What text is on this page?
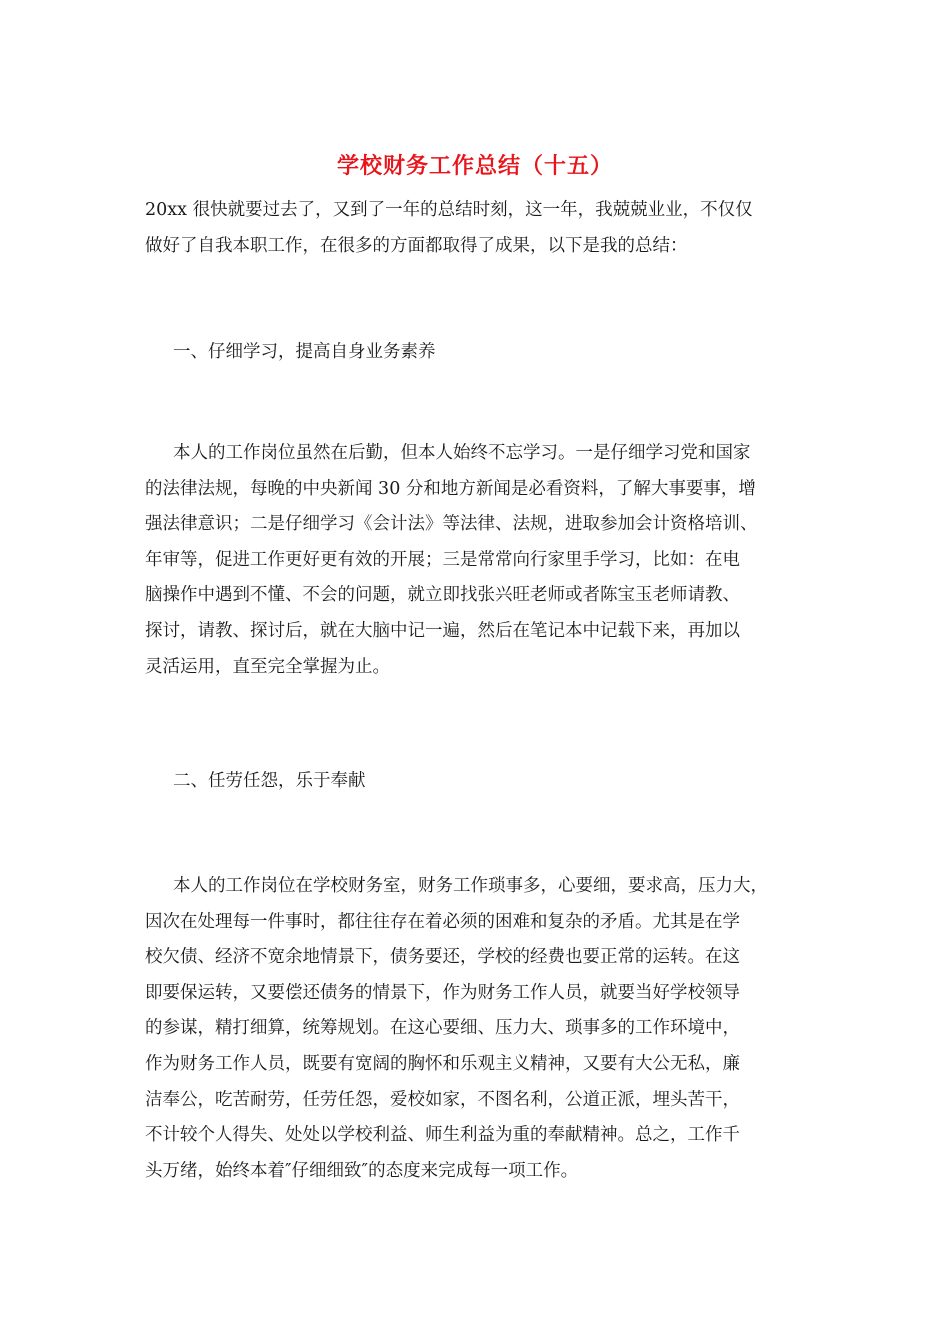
学校财务工作总结（十五）
20xx 很快就要过去了，又到了一年的总结时刻，这一年，我兢兢业业，不仅仅
做好了自我本职工作，在很多的方面都取得了成果，以下是我的总结：
一、仔细学习，提高自身业务素养
本人的工作岗位虽然在后勤，但本人始终不忘学习。一是仔细学习党和国家
的法律法规，每晚的中央新闻 30 分和地方新闻是必看资料，了解大事要事，增
强法律意识；二是仔细学习《会计法》等法律、法规，进取参加会计资格培训、
年审等，促进工作更好更有效的开展；三是常常向行家里手学习，比如：在电
脑操作中遇到不懂、不会的问题，就立即找张兴旺老师或者陈宝玉老师请教、
探讨，请教、探讨后，就在大脑中记一遍，然后在笔记本中记载下来，再加以
灵活运用，直至完全掌握为止。
二、任劳任怨，乐于奉献
本人的工作岗位在学校财务室，财务工作琐事多，心要细，要求高，压力大，
因次在处理每一件事时，都往往存在着必须的困难和复杂的矛盾。尤其是在学
校欠债、经济不宽余地情景下，债务要还，学校的经费也要正常的运转。在这
即要保运转，又要偿还债务的情景下，作为财务工作人员，就要当好学校领导
的参谋，精打细算，统筹规划。在这心要细、压力大、琐事多的工作环境中，
作为财务工作人员，既要有宽阔的胸怀和乐观主义精神，又要有大公无私，廉
洁奉公，吃苦耐劳，任劳任怨，爱校如家，不图名利，公道正派，埋头苦干，
不计较个人得失、处处以学校利益、师生利益为重的奉献精神。总之，工作千
头万绪，始终本着″仔细细致″的态度来完成每一项工作。
